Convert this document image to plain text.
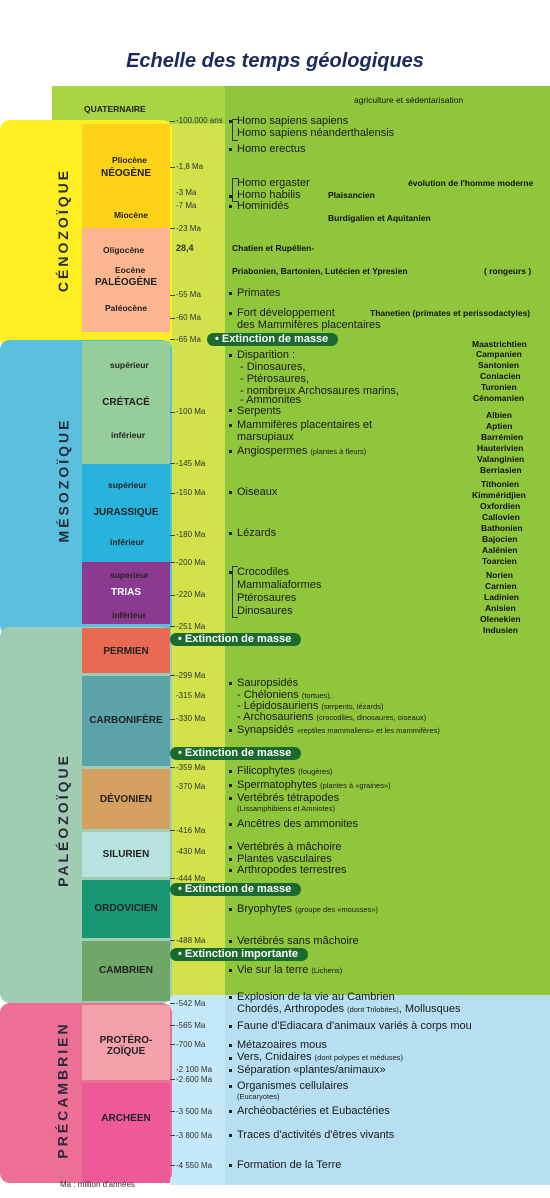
Echelle des temps géologiques
CÉNOZOÏQUE
MÉSOZOÏQUE
PALÉOZOÏQUE
PRÉCAMBRIEN
QUATERNAIRE
NÉOGÈNE
PALÉOGÈNE
CRÉTACÉ
JURASSIQUE
TRIAS
PERMIEN
CARBONIFÈRE
DÉVONIEN
SILURIEN
ORDOVICIEN
CAMBRIEN
PROTÉRO-
ZOÏQUE
ARCHEEN
Pliocène
Miocène
Oligocène
Eocène
Paléocène
supérieur
inférieur
supérieur
inférieur
superieur
inférieur
-100.000 ans
-1,8 Ma
-3 Ma
-7 Ma
-23 Ma
28,4
-55 Ma
-60 Ma
-65 Ma
-100 Ma
-145 Ma
-150 Ma
-180 Ma
-200 Ma
-220 Ma
-251 Ma
-299 Ma
-315 Ma
-330 Ma
-359 Ma
-370 Ma
-416 Ma
-430 Ma
-444 Ma
-488 Ma
-542 Ma
-565 Ma
-700 Ma
-2 100 Ma
-2 600 Ma
-3 500 Ma
-3 800 Ma
-4 550 Ma
• Extinction de masse
• Extinction de masse
• Extinction de masse
• Extinction de masse
• Extinction importante
Homo sapiens sapiens
Homo sapiens néanderthalensis
Homo erectus
Homo ergaster
Homo habilis
Hominidés
Primates
Fort développement
des Mammifères placentaires
Disparition :
- Dinosaures,
- Ptérosaures,
- nombreux Archosaures marins,
- Ammonites
Serpents
Mammifères placentaires et
marsupiaux
Angiospermes (plantes à fleurs)
Oiseaux
Lézards
Crocodiles
Mammaliaformes
Ptérosaures
Dinosaures
Sauropsidés
- Chéloniens (tortues),
- Lépidosauriens (serpents, lézards)
- Archosauriens (crocodiles, dinosaures, oiseaux)
Synapsidés «reptiles mammaliens» et les mammifères)
Filicophytes (fougères)
Spermatophytes (plantes à «graines»)
Vertébrés tétrapodes
(Lissamphibiens et Amniotes)
Ancêtres des ammonites
Vertébrés à mâchoire
Plantes vasculaires
Arthropodes terrestres
Bryophytes (groupe des «mousses»)
Vertébrés sans mâchoire
Vie sur la terre (Lichens)
Explosion de la vie au Cambrien
Chordés, Arthropodes (dont Trilobites), Mollusques
Faune d'Ediacara d'animaux variés à corps mou
Métazoaires mous
Vers, Cnidaires (dont polypes et méduses)
Séparation «plantes/animaux»
Organismes cellulaires
(Eucaryotes)
Archéobactéries et Eubactéries
Traces d'activités d'êtres vivants
Formation de la Terre
agriculture et sédentarisation
évolution de l'homme moderne
Plaisancien
Burdigalien et Aquitanien
Chatien et Rupélien-
Priabonien, Bartonien, Lutécien et Ypresien	( rongeurs )
Thanetien (primates et perissodactyles)
Maastrichtien
Campanien
Santonien
Coniacien
Turonien
Cénomanien
Albien
Aptien
Barrémien
Hauterivien
Valanginien
Berriasien
Tithonien
Kimméridjien
Oxfordien
Callovien
Bathonien
Bajocien
Aalénien
Toarcien
Norien
Carnien
Ladinien
Anisien
Olenekien
Indusien
Ma : million d'années
